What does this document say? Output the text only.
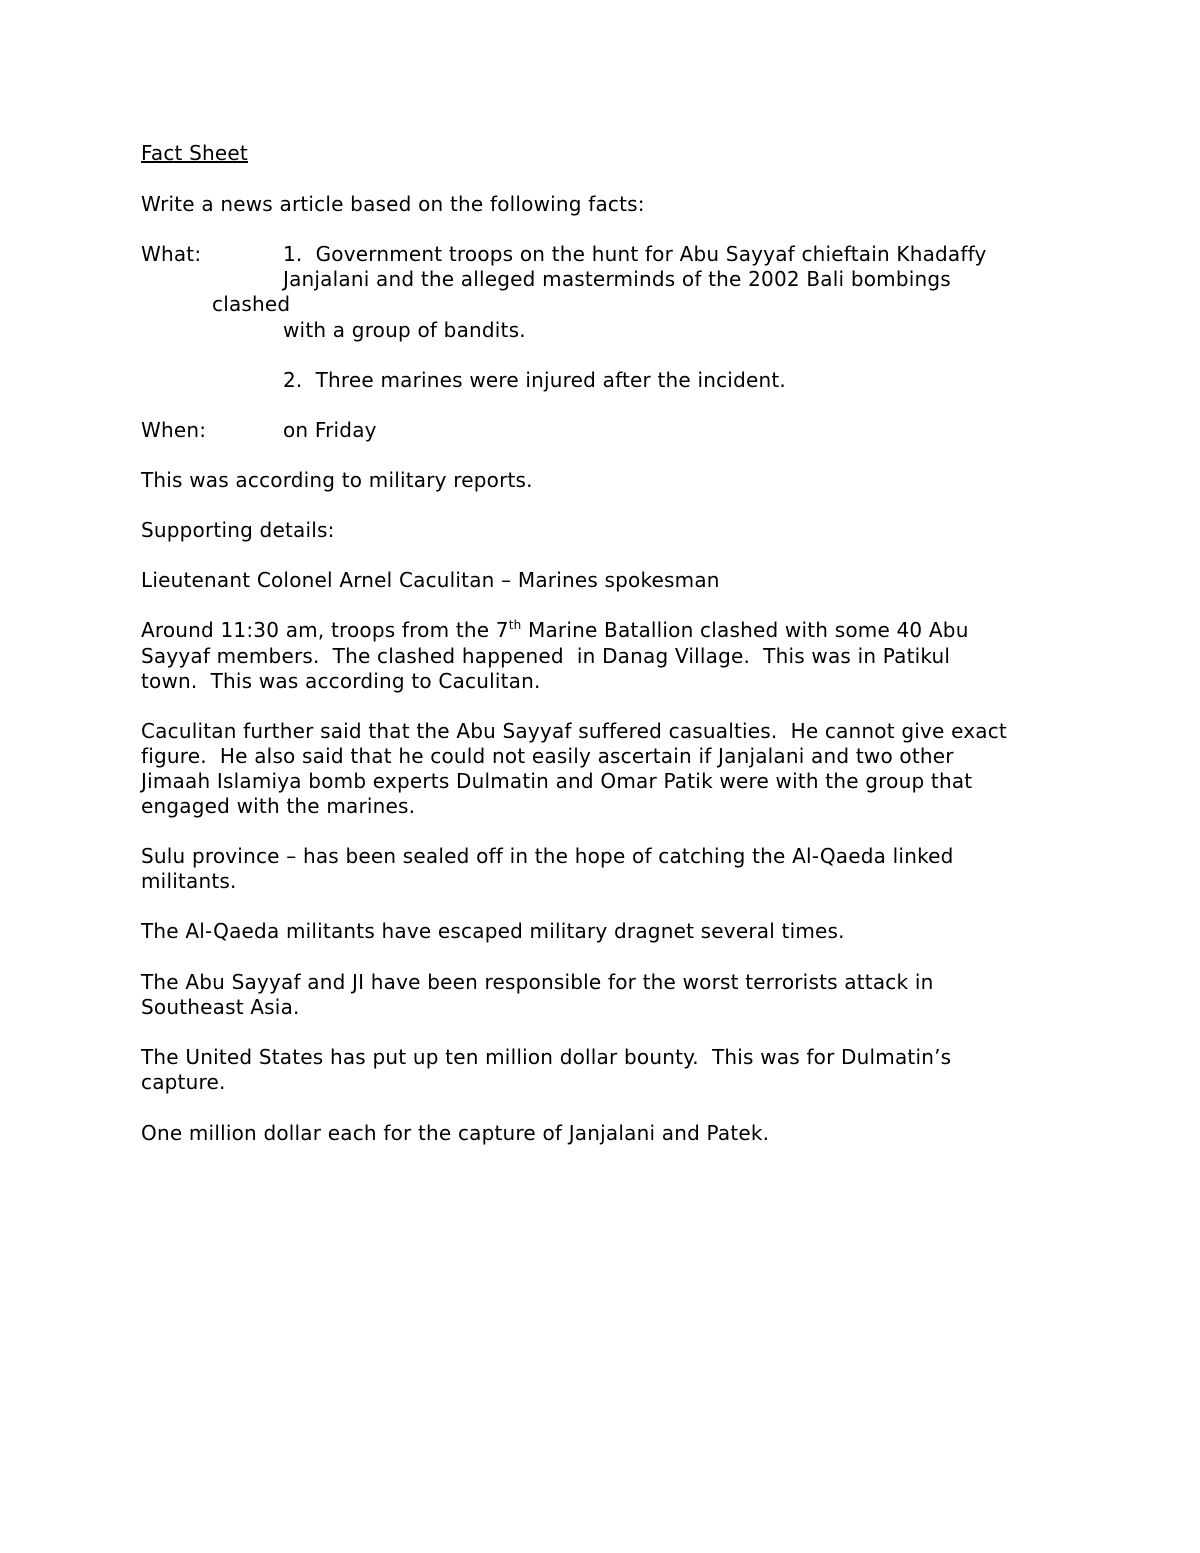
Fact Sheet
Write a news article based on the following facts:
What:	1.  Government troops on the hunt for Abu Sayyaf chieftain Khadaffy
Janjalani and the alleged masterminds of the 2002 Bali bombings
clashed
with a group of bandits.
2.  Three marines were injured after the incident.
When:	on Friday
This was according to military reports.
Supporting details:
Lieutenant Colonel Arnel Caculitan – Marines spokesman
Around 11:30 am, troops from the 7th Marine Batallion clashed with some 40 Abu
Sayyaf members.  The clashed happened  in Danag Village.  This was in Patikul
town.  This was according to Caculitan.
Caculitan further said that the Abu Sayyaf suffered casualties.  He cannot give exact
figure.  He also said that he could not easily ascertain if Janjalani and two other
Jimaah Islamiya bomb experts Dulmatin and Omar Patik were with the group that
engaged with the marines.
Sulu province – has been sealed off in the hope of catching the Al-Qaeda linked
militants.
The Al-Qaeda militants have escaped military dragnet several times.
The Abu Sayyaf and JI have been responsible for the worst terrorists attack in
Southeast Asia.
The United States has put up ten million dollar bounty.  This was for Dulmatin’s
capture.
One million dollar each for the capture of Janjalani and Patek.
